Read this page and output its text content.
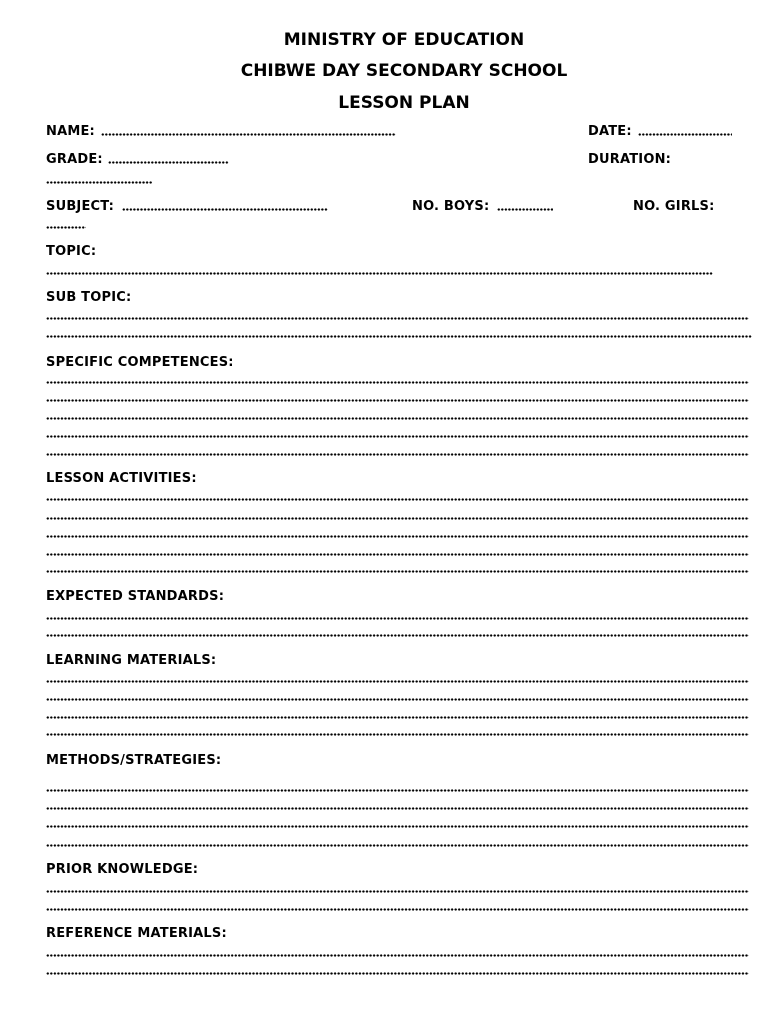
MINISTRY OF EDUCATION
CHIBWE DAY SECONDARY SCHOOL
LESSON PLAN
NAME:	DATE:
GRADE:	DURATION:
SUBJECT:	NO. BOYS:	NO. GIRLS:
TOPIC:
SUB TOPIC:
SPECIFIC COMPETENCES:
LESSON ACTIVITIES:
EXPECTED STANDARDS:
LEARNING MATERIALS:
METHODS/STRATEGIES:
PRIOR KNOWLEDGE:
REFERENCE MATERIALS:
